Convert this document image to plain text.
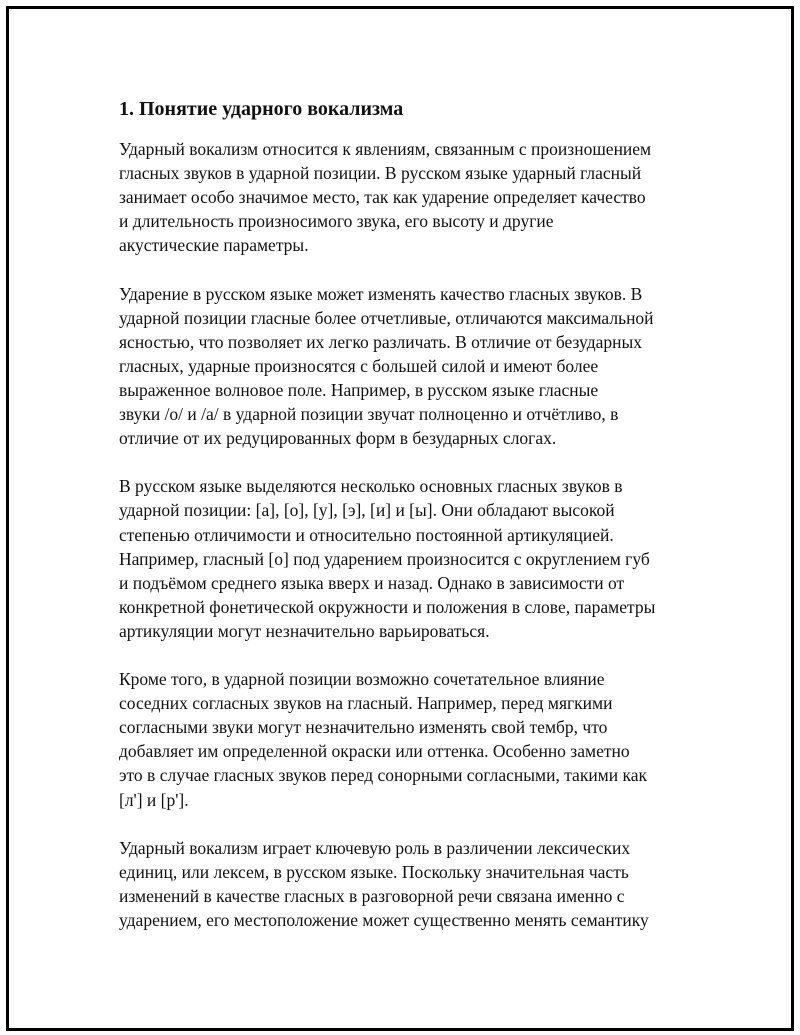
1. Понятие ударного вокализма

Ударный вокализм относится к явлениям, связанным с произношением
гласных звуков в ударной позиции. В русском языке ударный гласный
занимает особо значимое место, так как ударение определяет качество
и длительность произносимого звука, его высоту и другие
акустические параметры.

Ударение в русском языке может изменять качество гласных звуков. В
ударной позиции гласные более отчетливые, отличаются максимальной
ясностью, что позволяет их легко различать. В отличие от безударных
гласных, ударные произносятся с большей силой и имеют более
выраженное волновое поле. Например, в русском языке гласные
звуки /о/ и /а/ в ударной позиции звучат полноценно и отчётливо, в
отличие от их редуцированных форм в безударных слогах.

В русском языке выделяются несколько основных гласных звуков в
ударной позиции: [а], [о], [у], [э], [и] и [ы]. Они обладают высокой
степенью отличимости и относительно постоянной артикуляцией.
Например, гласный [о] под ударением произносится с округлением губ
и подъёмом среднего языка вверх и назад. Однако в зависимости от
конкретной фонетической окружности и положения в слове, параметры
артикуляции могут незначительно варьироваться.

Кроме того, в ударной позиции возможно сочетательное влияние
соседних согласных звуков на гласный. Например, перед мягкими
согласными звуки могут незначительно изменять свой тембр, что
добавляет им определенной окраски или оттенка. Особенно заметно
это в случае гласных звуков перед сонорными согласными, такими как
[л'] и [р'].

Ударный вокализм играет ключевую роль в различении лексических
единиц, или лексем, в русском языке. Поскольку значительная часть
изменений в качестве гласных в разговорной речи связана именно с
ударением, его местоположение может существенно менять семантику
